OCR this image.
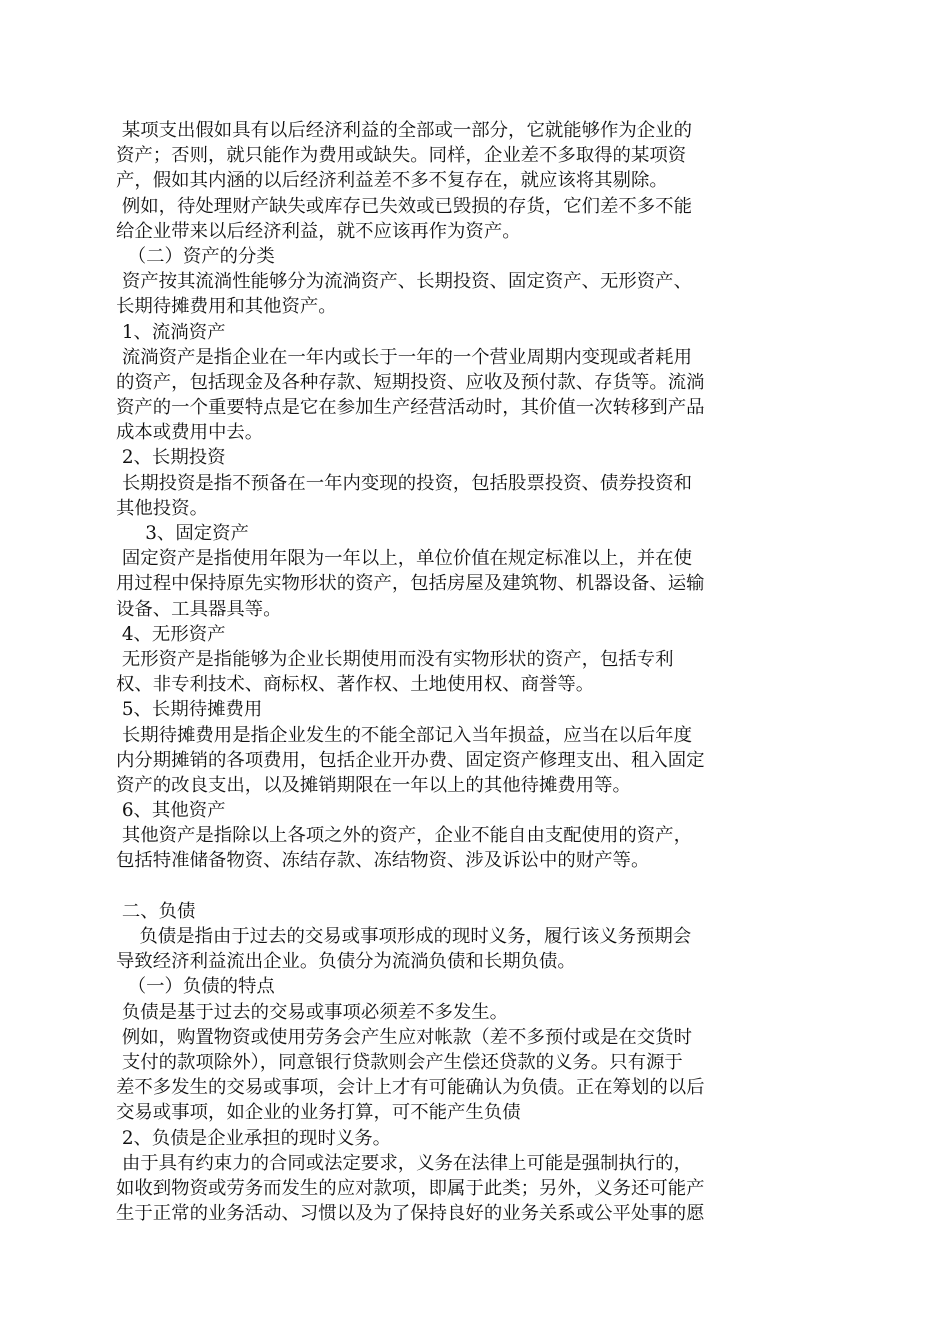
某项支出假如具有以后经济利益的全部或一部分，它就能够作为企业的
资产；否则，就只能作为费用或缺失。同样，企业差不多取得的某项资
产，假如其内涵的以后经济利益差不多不复存在，就应该将其剔除。
例如，待处理财产缺失或库存已失效或已毁损的存货，它们差不多不能
给企业带来以后经济利益，就不应该再作为资产。
（二）资产的分类
资产按其流淌性能够分为流淌资产、长期投资、固定资产、无形资产、
长期待摊费用和其他资产。
1、流淌资产
流淌资产是指企业在一年内或长于一年的一个营业周期内变现或者耗用
的资产，包括现金及各种存款、短期投资、应收及预付款、存货等。流淌
资产的一个重要特点是它在参加生产经营活动时，其价值一次转移到产品
成本或费用中去。
2、长期投资
长期投资是指不预备在一年内变现的投资，包括股票投资、债券投资和
其他投资。
3、固定资产
固定资产是指使用年限为一年以上，单位价值在规定标准以上，并在使
用过程中保持原先实物形状的资产，包括房屋及建筑物、机器设备、运输
设备、工具器具等。
4、无形资产
无形资产是指能够为企业长期使用而没有实物形状的资产，包括专利
权、非专利技术、商标权、著作权、土地使用权、商誉等。
5、长期待摊费用
长期待摊费用是指企业发生的不能全部记入当年损益，应当在以后年度
内分期摊销的各项费用，包括企业开办费、固定资产修理支出、租入固定
资产的改良支出，以及摊销期限在一年以上的其他待摊费用等。
6、其他资产
其他资产是指除以上各项之外的资产，企业不能自由支配使用的资产，
包括特准储备物资、冻结存款、冻结物资、涉及诉讼中的财产等。
二、负债
负债是指由于过去的交易或事项形成的现时义务，履行该义务预期会
导致经济利益流出企业。负债分为流淌负债和长期负债。
（一）负债的特点
负债是基于过去的交易或事项必须差不多发生。
例如，购置物资或使用劳务会产生应对帐款（差不多预付或是在交货时
支付的款项除外），同意银行贷款则会产生偿还贷款的义务。只有源于
差不多发生的交易或事项，会计上才有可能确认为负债。正在筹划的以后
交易或事项，如企业的业务打算，可不能产生负债
2、负债是企业承担的现时义务。
由于具有约束力的合同或法定要求，义务在法律上可能是强制执行的，
如收到物资或劳务而发生的应对款项，即属于此类；另外，义务还可能产
生于正常的业务活动、习惯以及为了保持良好的业务关系或公平处事的愿
